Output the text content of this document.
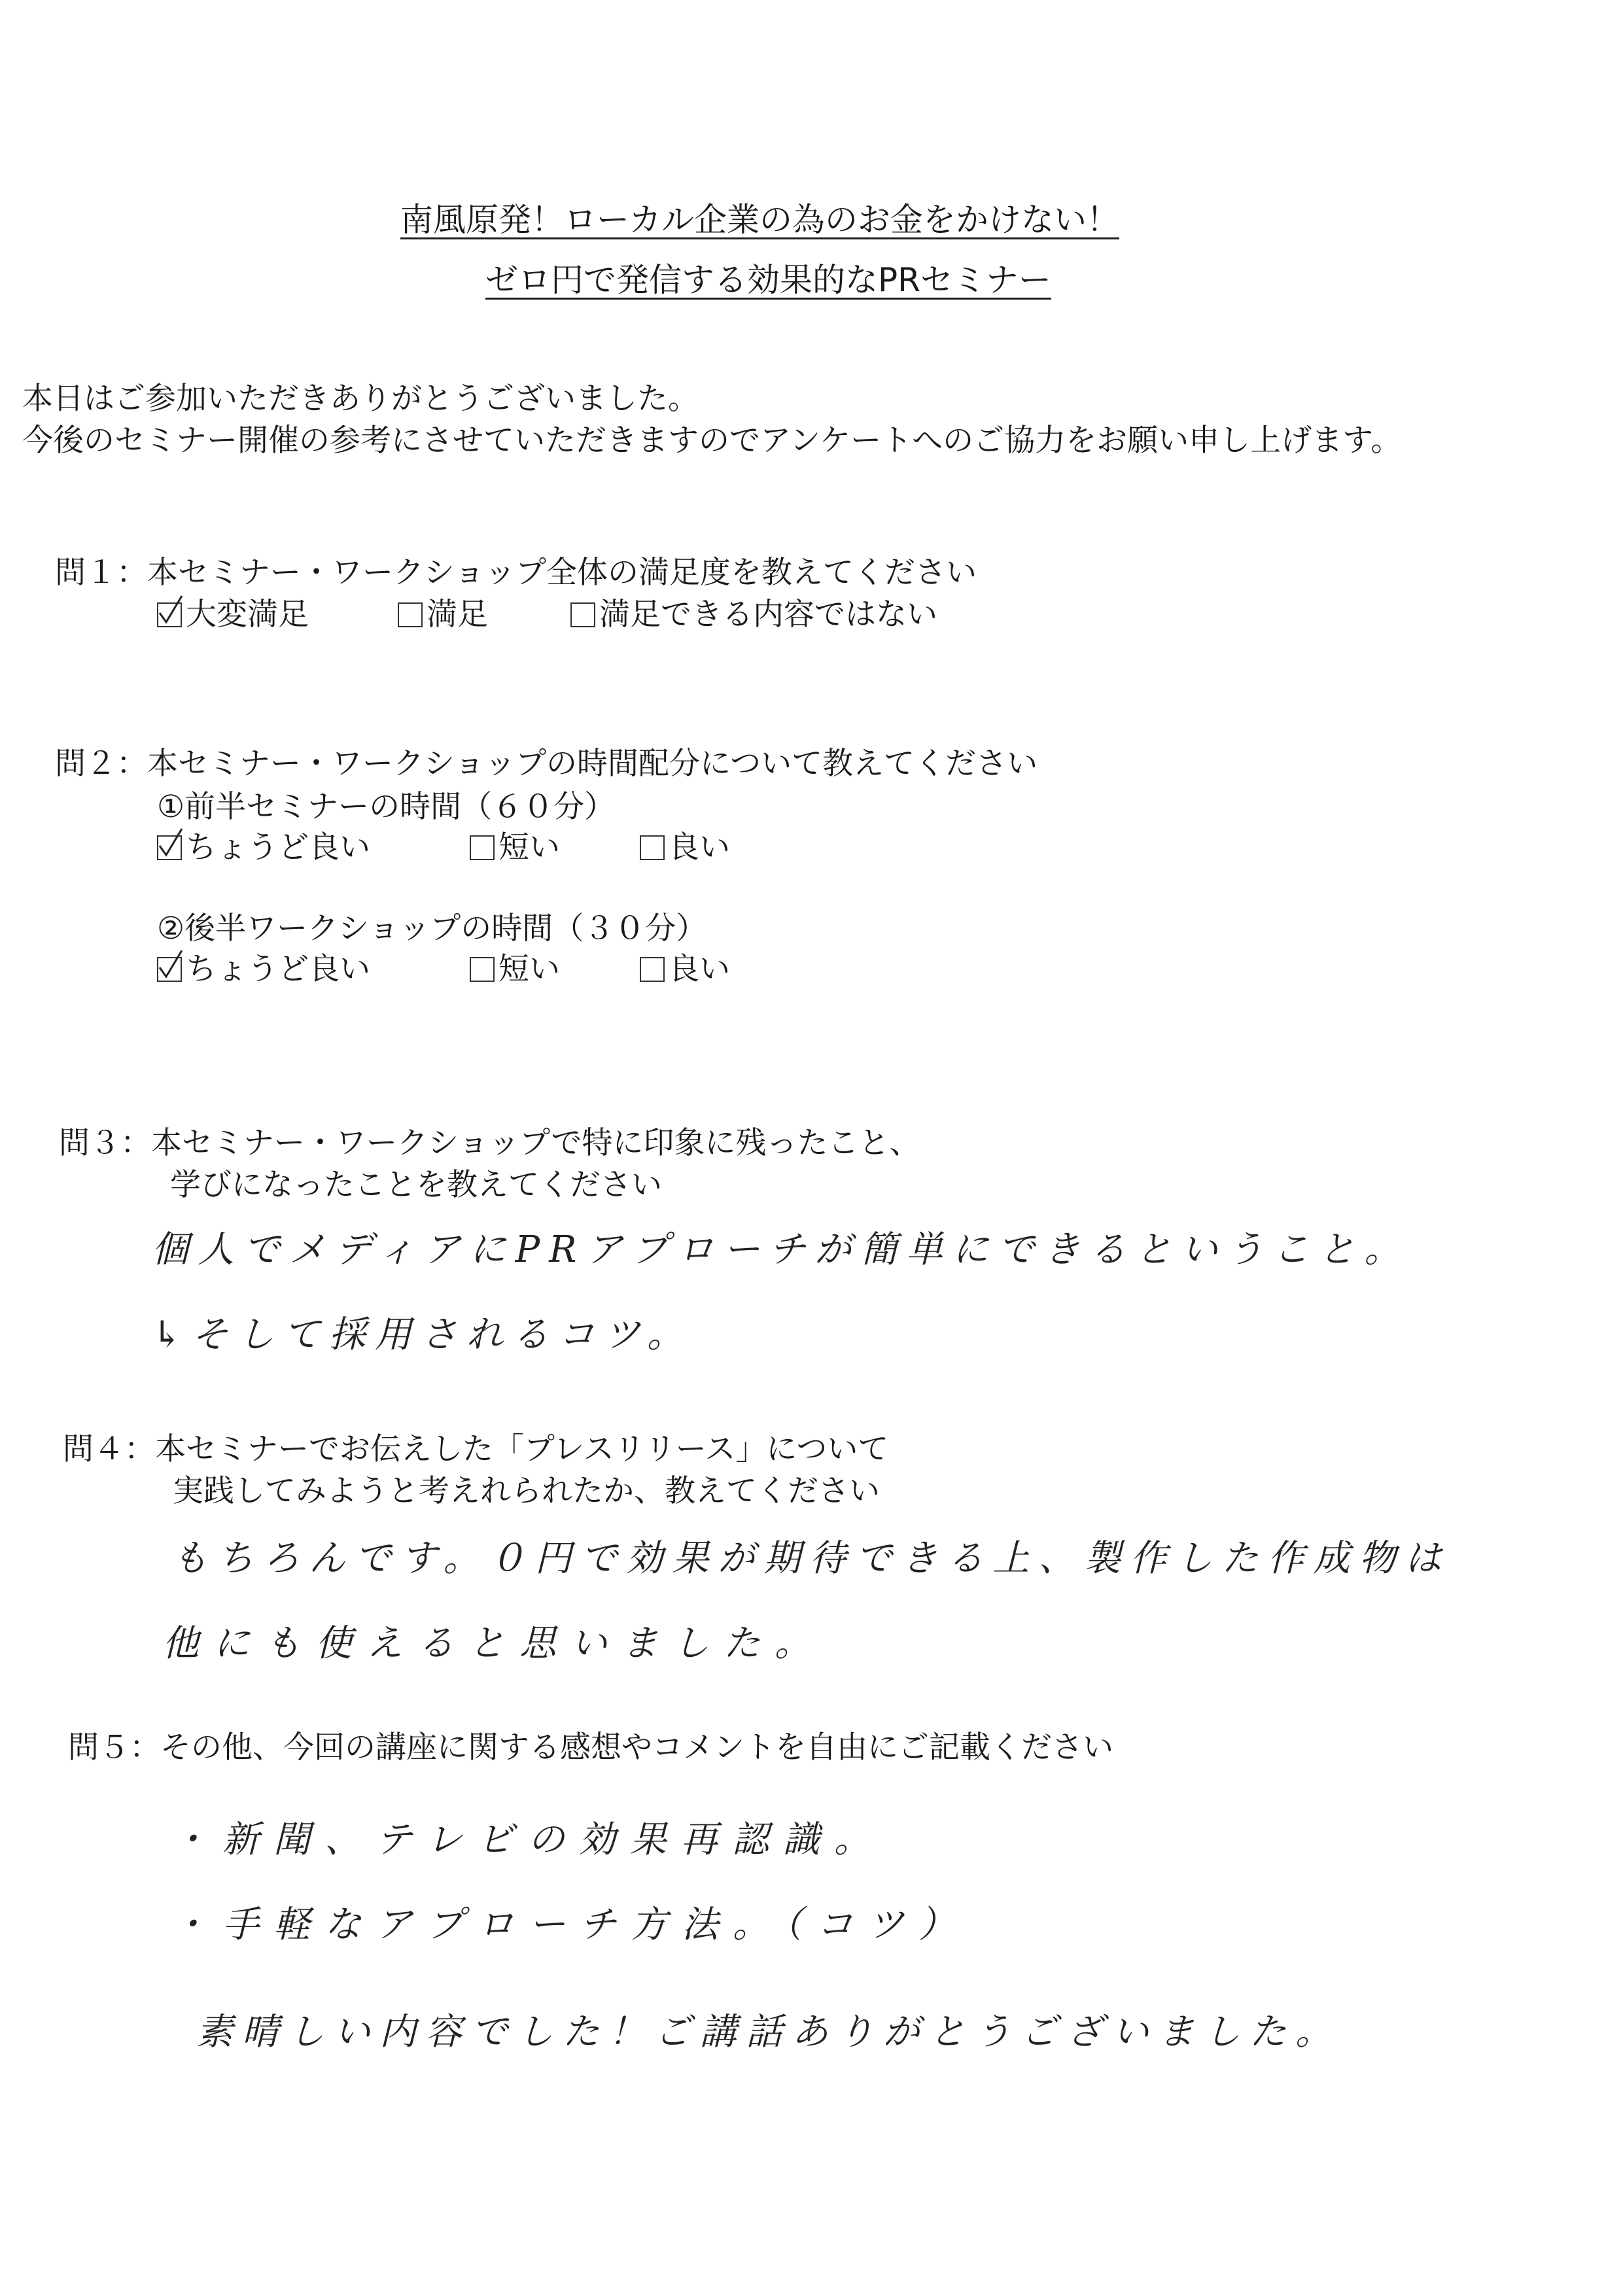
南風原発！ローカル企業の為のお金をかけない！
ゼロ円で発信する効果的なPRセミナー
本日はご参加いただきありがとうございました。
今後のセミナー開催の参考にさせていただきますのでアンケートへのご協力をお願い申し上げます。
問１：本セミナー・ワークショップ全体の満足度を教えてください
大変満足	満足	満足できる内容ではない
問２：本セミナー・ワークショップの時間配分について教えてください
①前半セミナーの時間（６０分）
ちょうど良い	短い	良い
②後半ワークショップの時間（３０分）
ちょうど良い	短い	良い
問３：本セミナー・ワークショップで特に印象に残ったこと、
学びになったことを教えてください
個人でメディアにPRアプローチが簡単にできるということ。
↳そして採用されるコツ。
問４：本セミナーでお伝えした「プレスリリース」について
実践してみようと考えれられたか、教えてください
もちろんです。０円で効果が期待できる上、製作した作成物は
他にも使えると思いました。
問５：その他、今回の講座に関する感想やコメントを自由にご記載ください
・新聞、テレビの効果再認識。
・手軽なアプローチ方法。（コツ）
素晴しい内容でした！ご講話ありがとうございました。
